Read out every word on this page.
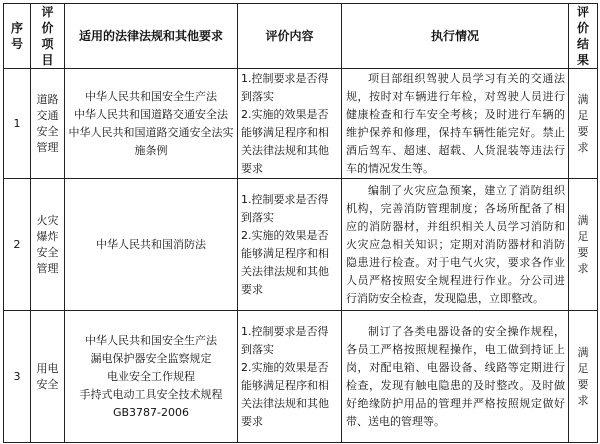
序号	评价项目	适用的法律法规和其他要求	评价内容	执行情况	评价结果

1	道路交通安全管理	中华人民共和国安全生产法
中华人民共和国道路交通安全法
中华人民共和国道路交通安全法实施条例	1.控制要求是否得到落实
2.实施的效果是否能够满足程序和相关法律法规和其他要求	项目部组织驾驶人员学习有关的交通法规，按时对车辆进行年检，对驾驶人员进行健康检查和行车安全考核；及时进行车辆的维护保养和修理，保持车辆性能完好。禁止酒后驾车、超速、超载、人货混装等违法行车的情况发生等。	满足要求

2	火灾爆炸安全管理	中华人民共和国消防法	1.控制要求是否得到落实
2.实施的效果是否能够满足程序和相关法律法规和其他要求	编制了火灾应急预案，建立了消防组织机构，完善消防管理制度；各场所配备了相应的消防器材，并组织相关人员学习消防和火灾应急相关知识；定期对消防器材和消防隐患进行检查。对于电气火灾，要求各作业人员严格按照安全规程进行作业。分公司进行消防安全检查，发现隐患，立即整改。	满足要求

3	用电安全	中华人民共和国安全生产法
漏电保护器安全监察规定
电业安全工作规程
手持式电动工具安全技术规程GB3787-2006	1.控制要求是否得到落实
2.实施的效果是否能够满足程序和相关法律法规和其他要求	制订了各类电器设备的安全操作规程，各员工严格按照规程操作，电工做到持证上岗，对配电箱、电器设备、线路等定期进行检查，发现有触电隐患的及时整改。及时做好绝缘防护用品的管理并严格按照规定做好带、送电的管理等。	满足要求
